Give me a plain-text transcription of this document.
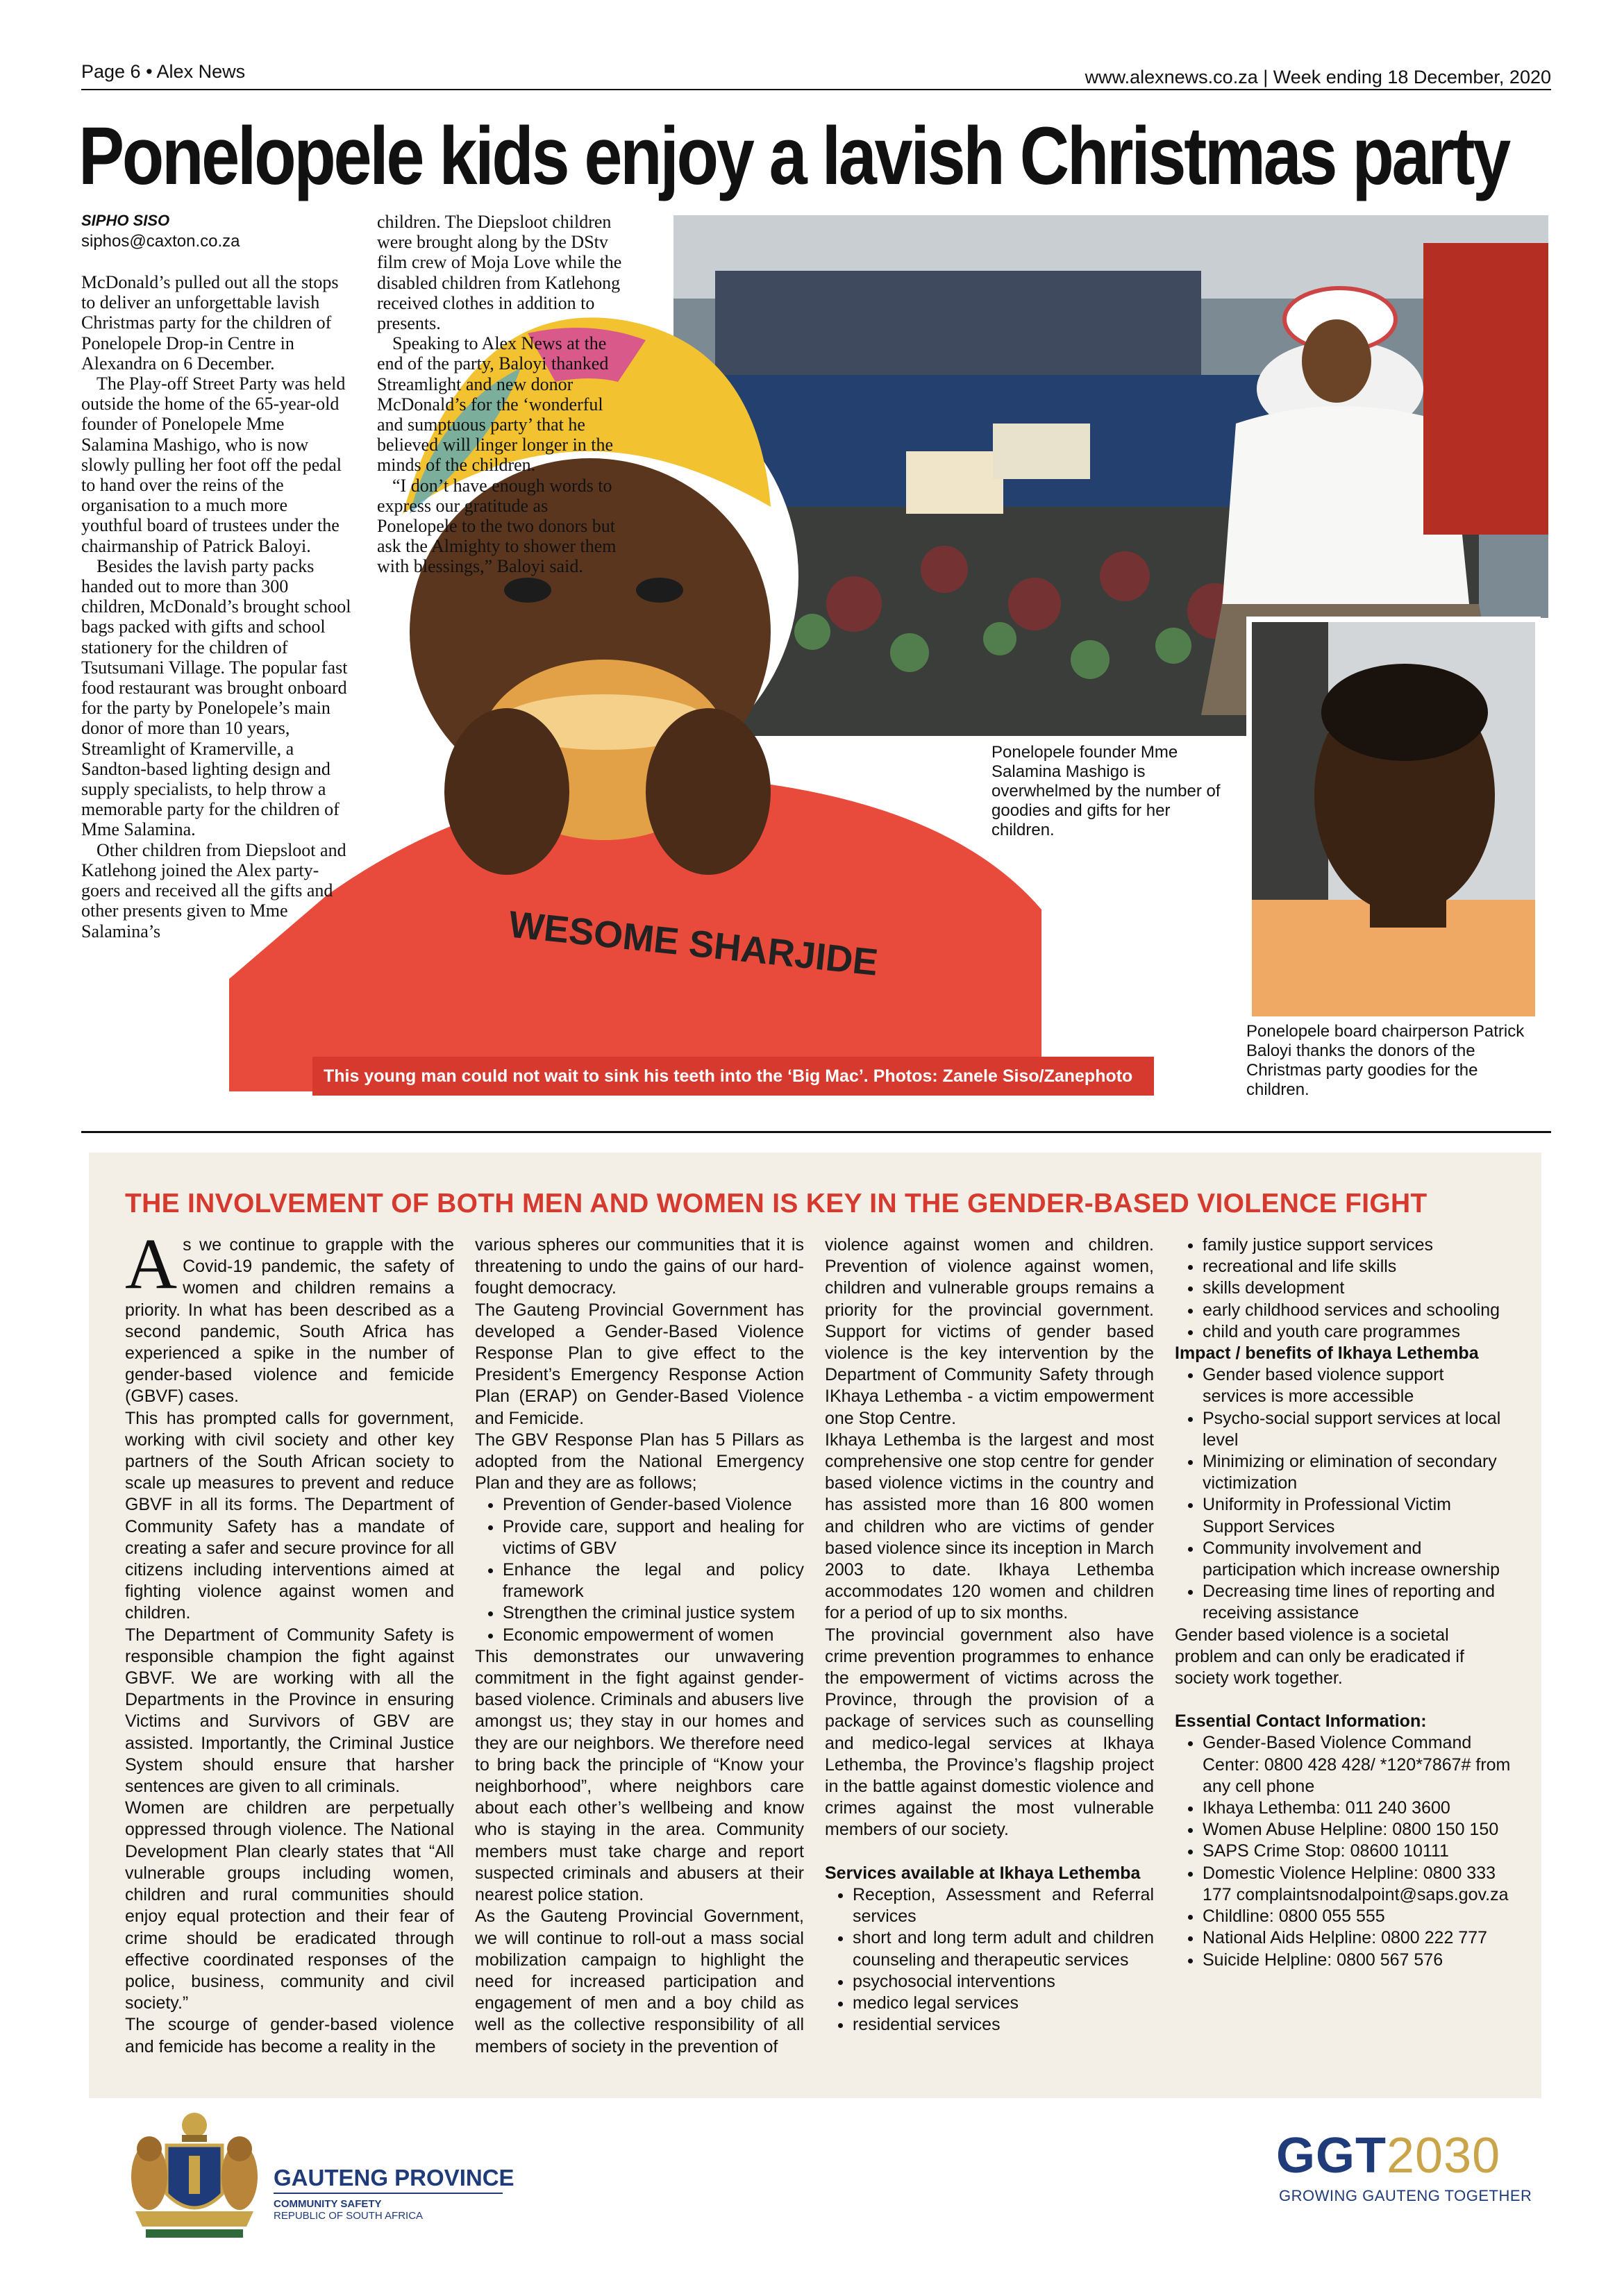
Page 6 • Alex News	www.alexnews.co.za | Week ending 18 December, 2020
Ponelopele kids enjoy a lavish Christmas party
WESOME SHARJIDE
This young man could not wait to sink his teeth into the ‘Big Mac’. Photos: Zanele Siso/Zanephoto
Ponelopele founder Mme Salamina Mashigo is overwhelmed by the number of goodies and gifts for her children.
Ponelopele board chairperson Patrick Baloyi thanks the donors of the Christmas party goodies for the children.
SIPHO SISO
siphos@caxton.co.za

McDonald’s pulled out all the stops to deliver an unforgettable lavish Christmas party for the children of Ponelopele Drop-in Centre in Alexandra on 6 December.

The Play-off Street Party was held outside the home of the 65-year-old founder of Ponelopele Mme Salamina Mashigo, who is now slowly pulling her foot off the pedal to hand over the reins of the organisation to a much more youthful board of trustees under the chairmanship of Patrick Baloyi.

Besides the lavish party packs handed out to more than 300 children, McDonald’s brought school bags packed with gifts and school stationery for the children of Tsutsumani Village. The popular fast food restaurant was brought onboard for the party by Ponelopele’s main donor of more than 10 years, Streamlight of Kramerville, a Sandton-based lighting design and supply specialists, to help throw a memorable party for the children of Mme Salamina.

Other children from Diepsloot and Katlehong joined the Alex party-goers and received all the gifts and other presents given to Mme Salamina’s

children. The Diepsloot children were brought along by the DStv film crew of Moja Love while the disabled children from Katlehong received clothes in addition to presents.

Speaking to Alex News at the end of the party, Baloyi thanked Streamlight and new donor McDonald’s for the ‘wonderful and sumptuous party’ that he believed will linger longer in the minds of the children.

“I don’t have enough words to express our gratitude as Ponelopele to the two donors but ask the Almighty to shower them with blessings,” Baloyi said.

THE INVOLVEMENT OF BOTH MEN AND WOMEN IS KEY IN THE GENDER-BASED VIOLENCE FIGHT

As we continue to grapple with the Covid-19 pandemic, the safety of women and children remains a priority. In what has been described as a second pandemic, South Africa has experienced a spike in the number of gender-based violence and femicide (GBVF) cases.

This has prompted calls for government, working with civil society and other key partners of the South African society to scale up measures to prevent and reduce GBVF in all its forms. The Department of Community Safety has a mandate of creating a safer and secure province for all citizens including interventions aimed at fighting violence against women and children.

The Department of Community Safety is responsible champion the fight against GBVF. We are working with all the Departments in the Province in ensuring Victims and Survivors of GBV are assisted. Importantly, the Criminal Justice System should ensure that harsher sentences are given to all criminals.

Women are children are perpetually oppressed through violence. The National Development Plan clearly states that “All vulnerable groups including women, children and rural communities should enjoy equal protection and their fear of crime should be eradicated through effective coordinated responses of the police, business, community and civil society.”

The scourge of gender-based violence and femicide has become a reality in the

various spheres our communities that it is threatening to undo the gains of our hard-fought democracy.

The Gauteng Provincial Government has developed a Gender-Based Violence Response Plan to give effect to the President’s Emergency Response Action Plan (ERAP) on Gender-Based Violence and Femicide.

The GBV Response Plan has 5 Pillars as adopted from the National Emergency Plan and they are as follows;

• Prevention of Gender-based Violence
• Provide care, support and healing for victims of GBV
• Enhance the legal and policy framework
• Strengthen the criminal justice system
• Economic empowerment of women

This demonstrates our unwavering commitment in the fight against gender-based violence. Criminals and abusers live amongst us; they stay in our homes and they are our neighbors. We therefore need to bring back the principle of “Know your neighborhood”, where neighbors care about each other’s wellbeing and know who is staying in the area. Community members must take charge and report suspected criminals and abusers at their nearest police station.

As the Gauteng Provincial Government, we will continue to roll-out a mass social mobilization campaign to highlight the need for increased participation and engagement of men and a boy child as well as the collective responsibility of all members of society in the prevention of

violence against women and children. Prevention of violence against women, children and vulnerable groups remains a priority for the provincial government. Support for victims of gender based violence is the key intervention by the Department of Community Safety through IKhaya Lethemba - a victim empowerment one Stop Centre.

Ikhaya Lethemba is the largest and most comprehensive one stop centre for gender based violence victims in the country and has assisted more than 16 800 women and children who are victims of gender based violence since its inception in March 2003 to date. Ikhaya Lethemba accommodates 120 women and children for a period of up to six months.

The provincial government also have crime prevention programmes to enhance the empowerment of victims across the Province, through the provision of a package of services such as counselling and medico-legal services at Ikhaya Lethemba, the Province’s flagship project in the battle against domestic violence and crimes against the most vulnerable members of our society.

Services available at Ikhaya Lethemba

• Reception, Assessment and Referral services
• short and long term adult and children counseling and therapeutic services
• psychosocial interventions
• medico legal services
• residential services
• family justice support services
• recreational and life skills
• skills development
• early childhood services and schooling
• child and youth care programmes

Impact / benefits of Ikhaya Lethemba

• Gender based violence support services is more accessible
• Psycho-social support services at local level
• Minimizing or elimination of secondary victimization
• Uniformity in Professional Victim Support Services
• Community involvement and participation which increase ownership
• Decreasing time lines of reporting and receiving assistance

Gender based violence is a societal problem and can only be eradicated if society work together.

Essential Contact Information:

• Gender-Based Violence Command Center: 0800 428 428/ *120*7867# from any cell phone
• Ikhaya Lethemba: 011 240 3600
• Women Abuse Helpline: 0800 150 150
• SAPS Crime Stop: 08600 10111
• Domestic Violence Helpline: 0800 333 177 complaintsnodalpoint@saps.gov.za
• Childline: 0800 055 555
• National Aids Helpline: 0800 222 777
• Suicide Helpline: 0800 567 576
GAUTENG PROVINCE
COMMUNITY SAFETY
REPUBLIC OF SOUTH AFRICA
GGT2030
GROWING GAUTENG TOGETHER
